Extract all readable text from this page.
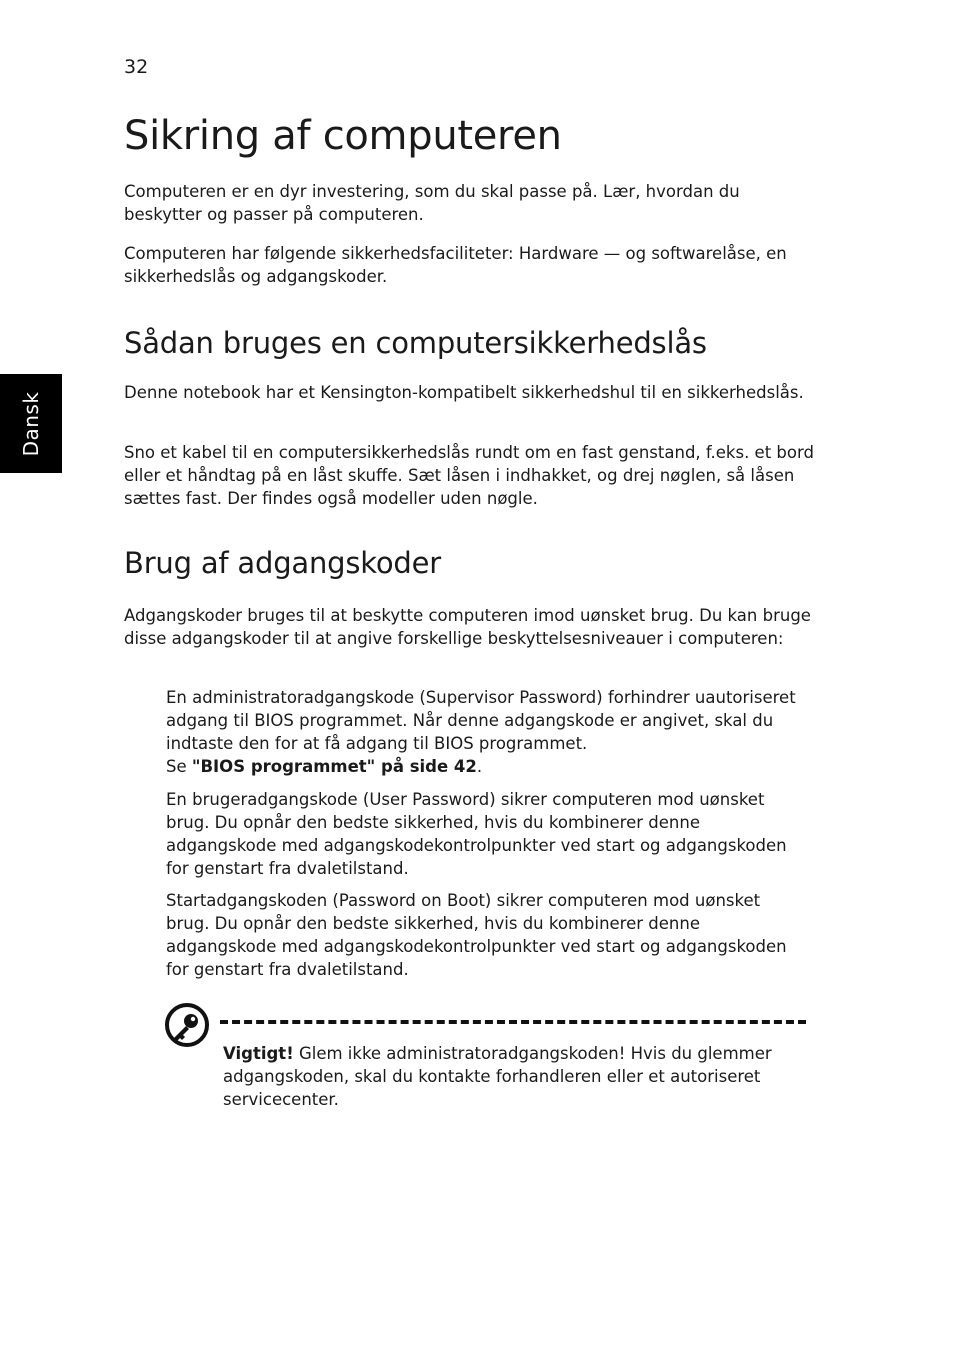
32
Dansk
Sikring af computeren

Computeren er en dyr investering, som du skal passe på. Lær, hvordan du beskytter og passer på computeren.

Computeren har følgende sikkerhedsfaciliteter: Hardware — og softwarelåse, en sikkerhedslås og adgangskoder.

Sådan bruges en computersikkerhedslås

Denne notebook har et Kensington-kompatibelt sikkerhedshul til en sikkerhedslås.

Sno et kabel til en computersikkerhedslås rundt om en fast genstand, f.eks. et bord eller et håndtag på en låst skuffe. Sæt låsen i indhakket, og drej nøglen, så låsen sættes fast. Der findes også modeller uden nøgle.

Brug af adgangskoder

Adgangskoder bruges til at beskytte computeren imod uønsket brug. Du kan bruge disse adgangskoder til at angive forskellige beskyttelsesniveauer i computeren:

En administratoradgangskode (Supervisor Password) forhindrer uautoriseret adgang til BIOS programmet. Når denne adgangskode er angivet, skal du indtaste den for at få adgang til BIOS programmet.
Se "BIOS programmet" på side 42.

En brugeradgangskode (User Password) sikrer computeren mod uønsket brug. Du opnår den bedste sikkerhed, hvis du kombinerer denne adgangskode med adgangskodekontrolpunkter ved start og adgangskoden for genstart fra dvaletilstand.

Startadgangskoden (Password on Boot) sikrer computeren mod uønsket brug. Du opnår den bedste sikkerhed, hvis du kombinerer denne adgangskode med adgangskodekontrolpunkter ved start og adgangskoden for genstart fra dvaletilstand.

Vigtigt! Glem ikke administratoradgangskoden! Hvis du glemmer adgangskoden, skal du kontakte forhandleren eller et autoriseret servicecenter.
